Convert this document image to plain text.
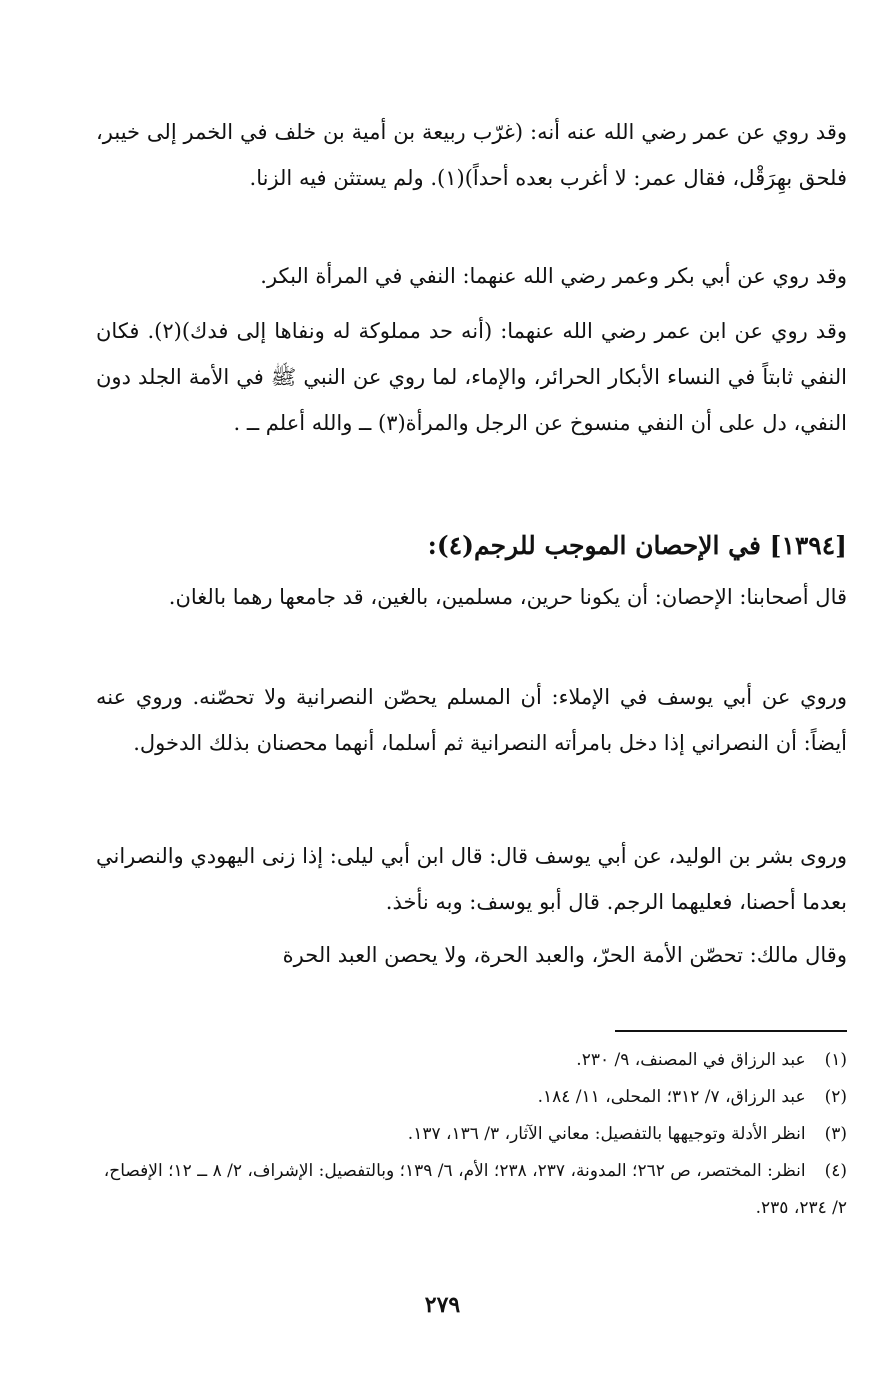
وقد روي عن عمر رضي الله عنه أنه: (غرّب ربيعة بن أمية بن خلف في الخمر إلى خيبر، فلحق بهِرَقْل، فقال عمر: لا أغرب بعده أحداً)(١). ولم يستثن فيه الزنا.

وقد روي عن أبي بكر وعمر رضي الله عنهما: النفي في المرأة البكر.

وقد روي عن ابن عمر رضي الله عنهما: (أنه حد مملوكة له ونفاها إلى فدك)(٢). فكان النفي ثابتاً في النساء الأبكار الحرائر، والإماء، لما روي عن النبي ﷺ في الأمة الجلد دون النفي، دل على أن النفي منسوخ عن الرجل والمرأة(٣) ــ والله أعلم ــ .

[١٣٩٤] في الإحصان الموجب للرجم(٤):

قال أصحابنا: الإحصان: أن يكونا حرين، مسلمين، بالغين، قد جامعها رهما بالغان.

وروي عن أبي يوسف في الإملاء: أن المسلم يحصّن النصرانية ولا تحصّنه. وروي عنه أيضاً: أن النصراني إذا دخل بامرأته النصرانية ثم أسلما، أنهما محصنان بذلك الدخول.

وروى بشر بن الوليد، عن أبي يوسف قال: قال ابن أبي ليلى: إذا زنى اليهودي والنصراني بعدما أحصنا، فعليهما الرجم. قال أبو يوسف: وبه نأخذ.

وقال مالك: تحصّن الأمة الحرّ، والعبد الحرة، ولا يحصن العبد الحرة

(١) عبد الرزاق في المصنف، ٩/ ٢٣٠.

(٢) عبد الرزاق، ٧/ ٣١٢؛ المحلى، ١١/ ١٨٤.

(٣) انظر الأدلة وتوجيهها بالتفصيل: معاني الآثار، ٣/ ١٣٦، ١٣٧.

(٤) انظر: المختصر، ص ٢٦٢؛ المدونة، ٢٣٧، ٢٣٨؛ الأم، ٦/ ١٣٩؛ وبالتفصيل: الإشراف، ٢/ ٨ ــ ١٢؛ الإفصاح، ٢/ ٢٣٤، ٢٣٥.

٢٧٩
